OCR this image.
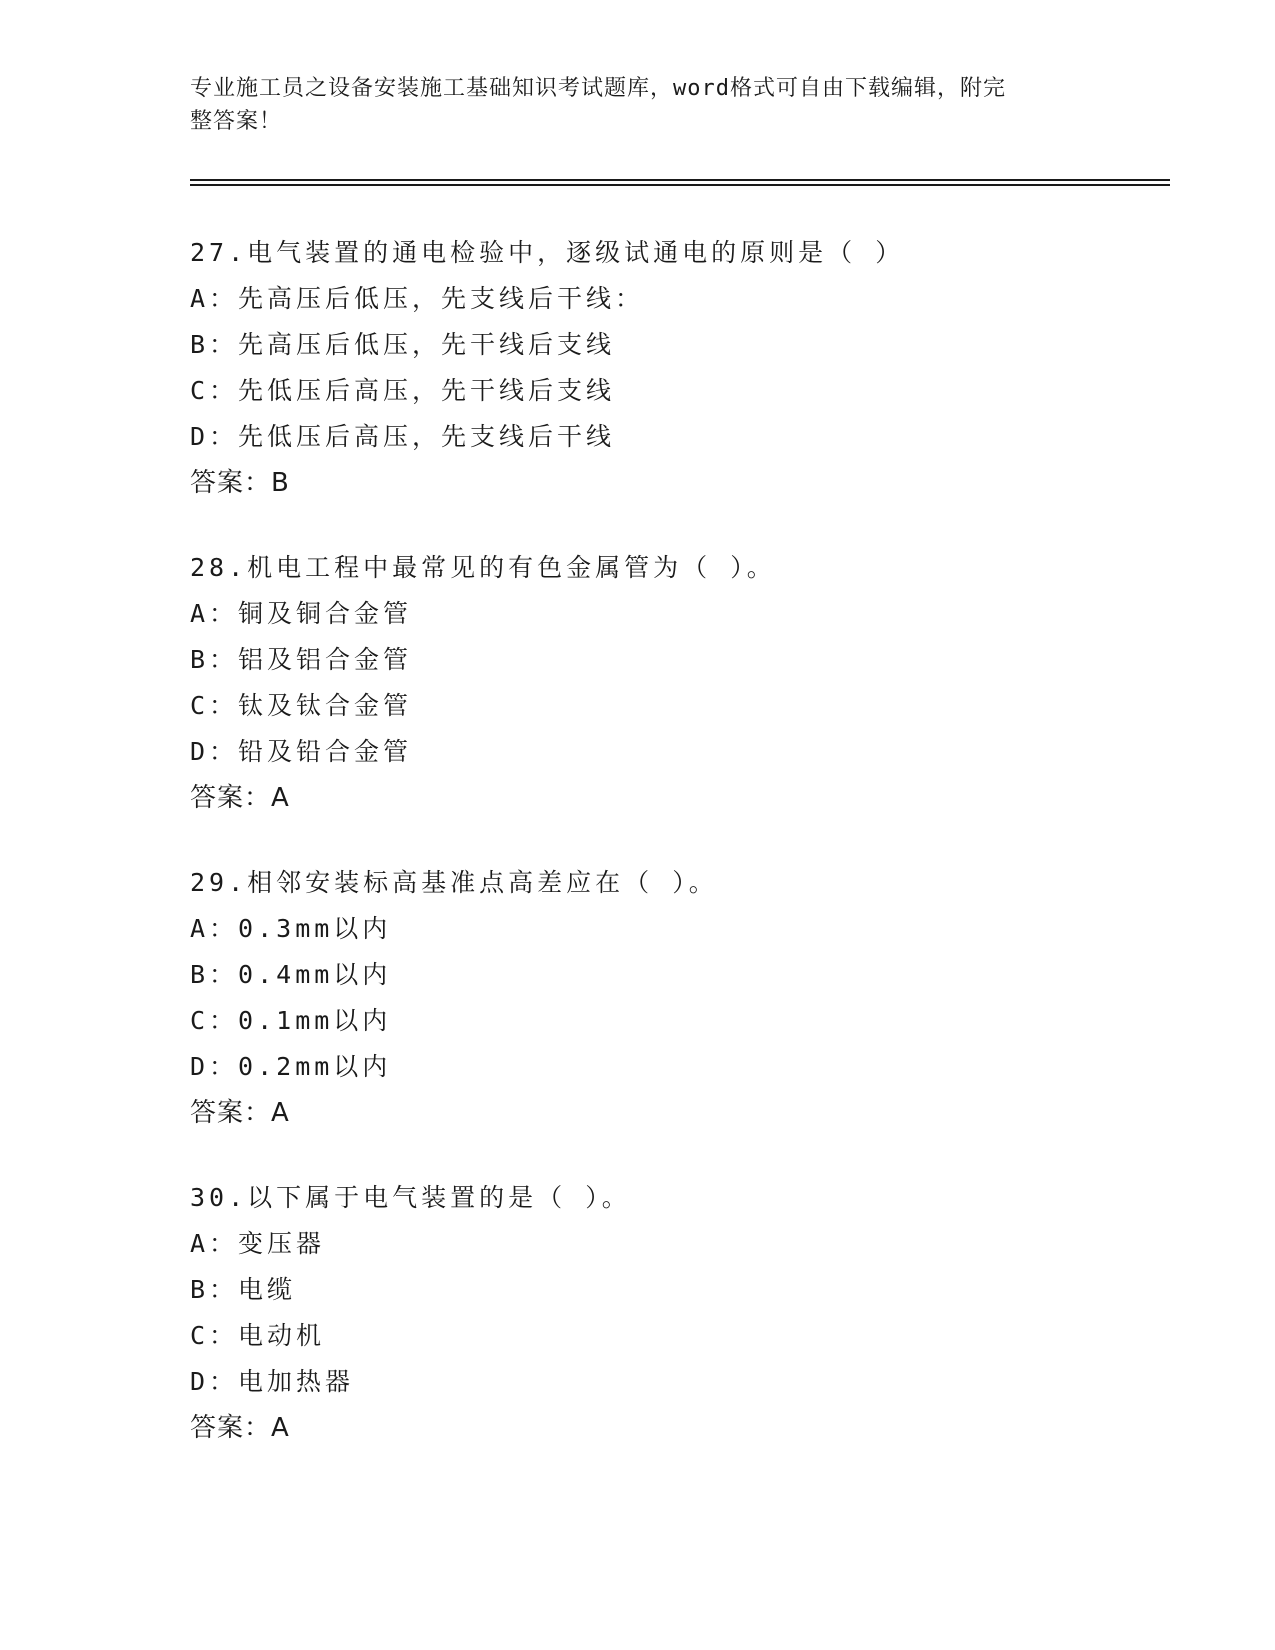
专业施工员之设备安装施工基础知识考试题库，word格式可自由下载编辑，附完
整答案！
27.电气装置的通电检验中，逐级试通电的原则是（ ）
A：先高压后低压，先支线后干线：
B：先高压后低压，先干线后支线
C：先低压后高压，先干线后支线
D：先低压后高压，先支线后干线
答案：B
28.机电工程中最常见的有色金属管为（ ）。
A：铜及铜合金管
B：铝及铝合金管
C：钛及钛合金管
D：铅及铅合金管
答案：A
29.相邻安装标高基准点高差应在（ ）。
A：0.3mm以内
B：0.4mm以内
C：0.1mm以内
D：0.2mm以内
答案：A
30.以下属于电气装置的是（ ）。
A：变压器
B：电缆
C：电动机
D：电加热器
答案：A
